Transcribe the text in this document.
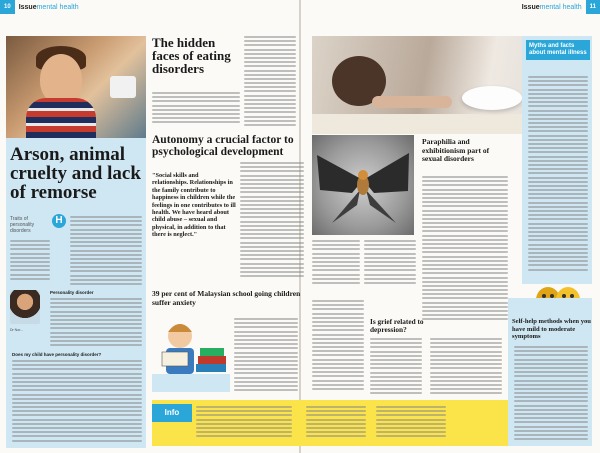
10	Issuemental health	Issuemental health	11
Arson, animal cruelty and lack of remorse
Traits of personality disorders
H
Dr Nor...
Personality disorder
Does my child have personality disorder?
The hidden faces of eating disorders
Autonomy a crucial factor to psychological development
"Social skills and relationships. Relationships in the family contribute to happiness in children while the feelings in one contributes to ill health. We have heard about child abuse – sexual and physical, in addition to that there is neglect."
39 per cent of Malaysian school going children suffer anxiety
Info
Paraphilia and exhibitionism part of sexual disorders
Is grief related to depression?
Myths and facts about mental illness
Self-help methods when you have mild to moderate symptoms
